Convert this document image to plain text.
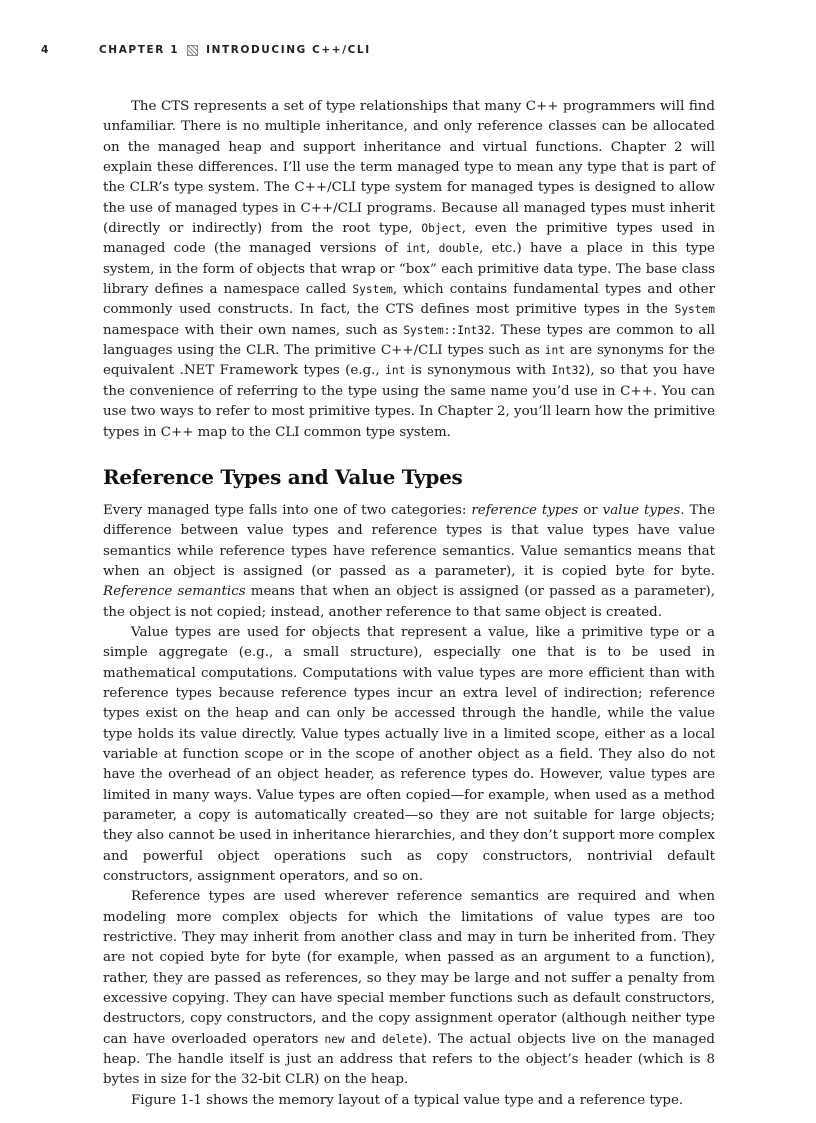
4	CHAPTER 1	INTRODUCING C++/CLI

The CTS represents a set of type relationships that many C++ programmers will find unfamiliar. There is no multiple inheritance, and only reference classes can be allocated on the managed heap and support inheritance and virtual functions. Chapter 2 will explain these differences. I’ll use the term managed type to mean any type that is part of the CLR’s type system. The C++/CLI type system for managed types is designed to allow the use of managed types in C++/CLI programs. Because all managed types must inherit (directly or indirectly) from the root type, Object, even the primitive types used in managed code (the managed versions of int, double, etc.) have a place in this type system, in the form of objects that wrap or “box” each primitive data type. The base class library defines a namespace called System, which contains fundamental types and other commonly used constructs. In fact, the CTS defines most primitive types in the System namespace with their own names, such as System::Int32. These types are common to all languages using the CLR. The primitive C++/CLI types such as int are synonyms for the equivalent .NET Framework types (e.g., int is synonymous with Int32), so that you have the convenience of referring to the type using the same name you’d use in C++. You can use two ways to refer to most primitive types. In Chapter 2, you’ll learn how the primitive types in C++ map to the CLI common type system.

Reference Types and Value Types

Every managed type falls into one of two categories: reference types or value types. The difference between value types and reference types is that value types have value semantics while reference types have reference semantics. Value semantics means that when an object is assigned (or passed as a parameter), it is copied byte for byte. Reference semantics means that when an object is assigned (or passed as a parameter), the object is not copied; instead, another reference to that same object is created.

Value types are used for objects that represent a value, like a primitive type or a simple aggregate (e.g., a small structure), especially one that is to be used in mathematical computations. Computations with value types are more efficient than with reference types because reference types incur an extra level of indirection; reference types exist on the heap and can only be accessed through the handle, while the value type holds its value directly. Value types actually live in a limited scope, either as a local variable at function scope or in the scope of another object as a field. They also do not have the overhead of an object header, as reference types do. However, value types are limited in many ways. Value types are often copied—for example, when used as a method parameter, a copy is automatically created—so they are not suitable for large objects; they also cannot be used in inheritance hierarchies, and they don’t support more complex and powerful object operations such as copy constructors, nontrivial default constructors, assignment operators, and so on.

Reference types are used wherever reference semantics are required and when modeling more complex objects for which the limitations of value types are too restrictive. They may inherit from another class and may in turn be inherited from. They are not copied byte for byte (for example, when passed as an argument to a function), rather, they are passed as references, so they may be large and not suffer a penalty from excessive copying. They can have special member functions such as default constructors, destructors, copy constructors, and the copy assignment operator (although neither type can have overloaded operators new and delete). The actual objects live on the managed heap. The handle itself is just an address that refers to the object’s header (which is 8 bytes in size for the 32-bit CLR) on the heap.

Figure 1-1 shows the memory layout of a typical value type and a reference type.
